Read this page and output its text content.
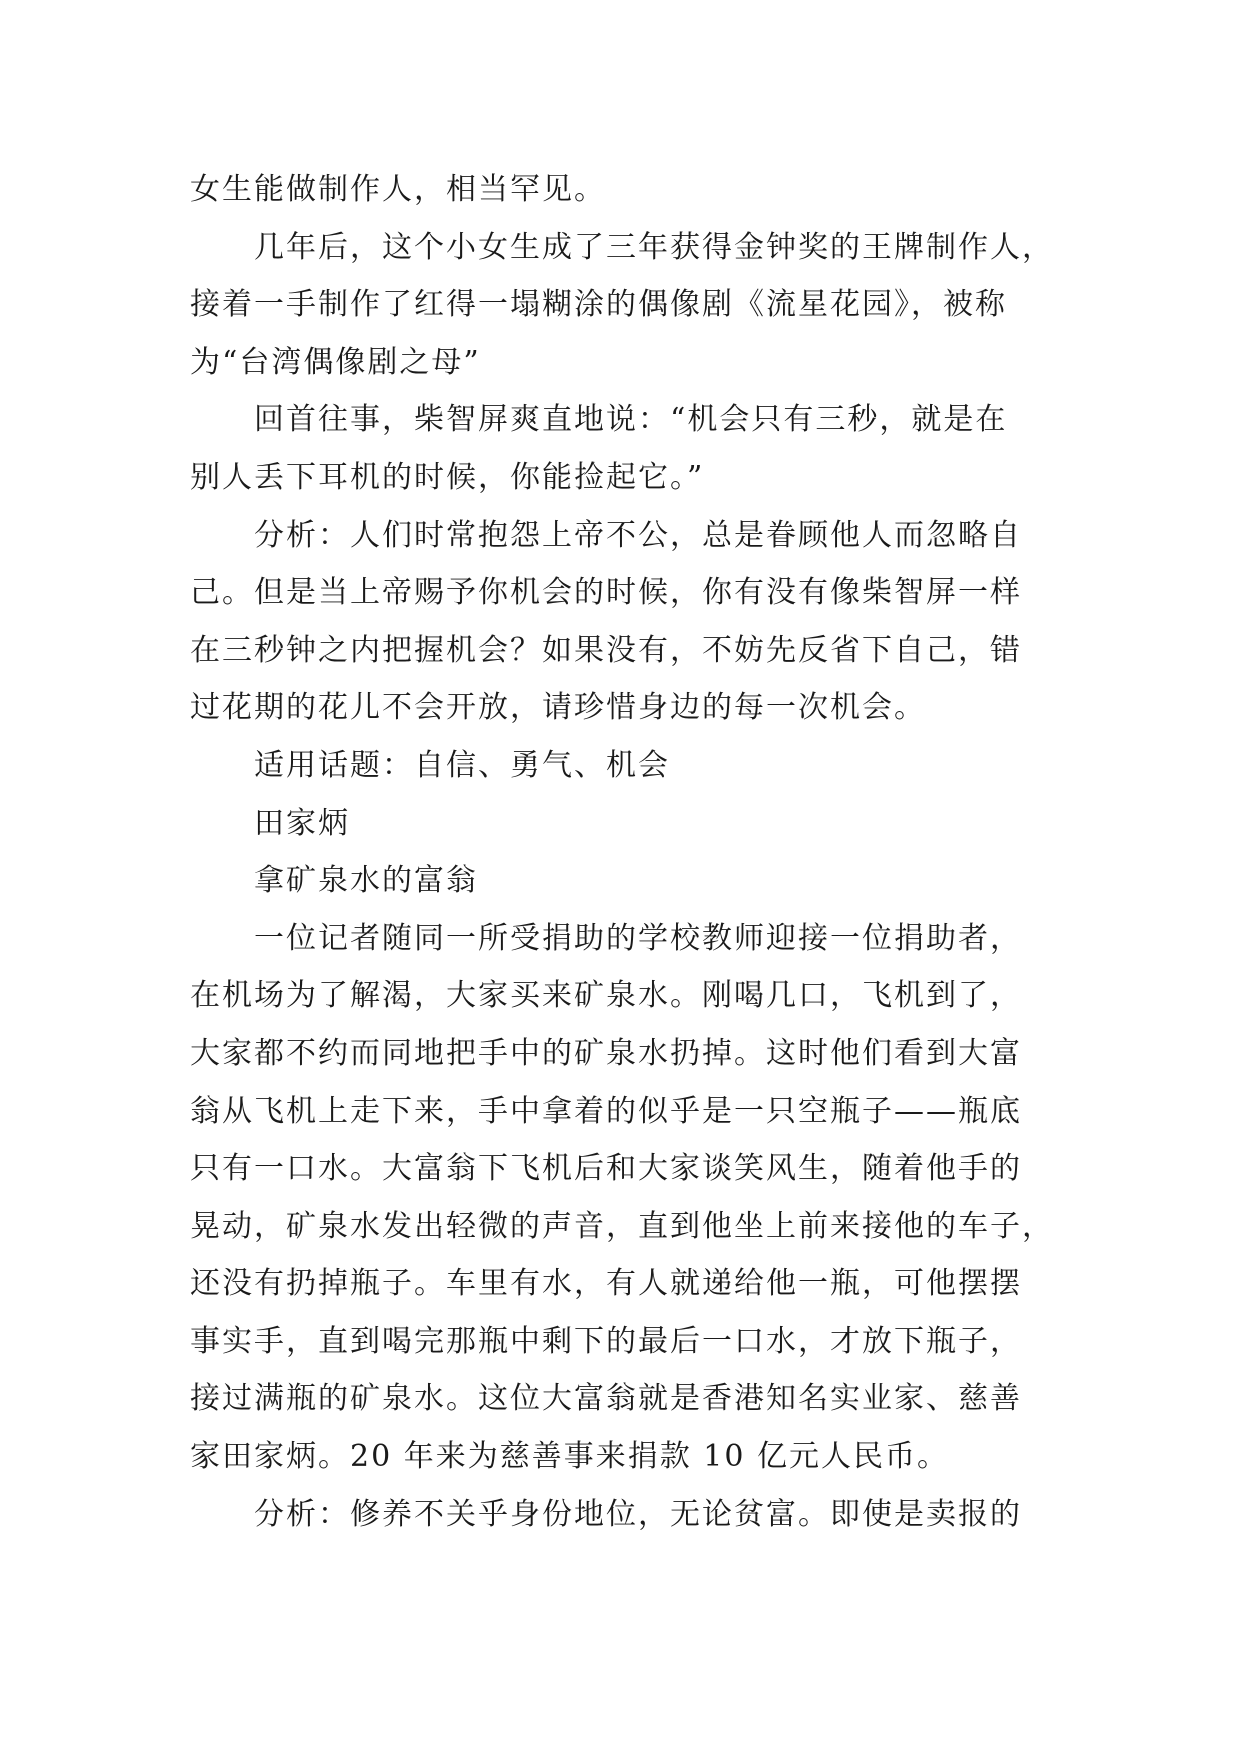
女生能做制作人，相当罕见。
几年后，这个小女生成了三年获得金钟奖的王牌制作人，
接着一手制作了红得一塌糊涂的偶像剧《流星花园》，被称
为“台湾偶像剧之母”
回首往事，柴智屏爽直地说：“机会只有三秒，就是在
别人丢下耳机的时候，你能捡起它。”
分析：人们时常抱怨上帝不公，总是眷顾他人而忽略自
己。但是当上帝赐予你机会的时候，你有没有像柴智屏一样
在三秒钟之内把握机会？如果没有，不妨先反省下自己，错
过花期的花儿不会开放，请珍惜身边的每一次机会。
适用话题：自信、勇气、机会
田家炳
拿矿泉水的富翁
一位记者随同一所受捐助的学校教师迎接一位捐助者，
在机场为了解渴，大家买来矿泉水。刚喝几口，飞机到了，
大家都不约而同地把手中的矿泉水扔掉。这时他们看到大富
翁从飞机上走下来，手中拿着的似乎是一只空瓶子——瓶底
只有一口水。大富翁下飞机后和大家谈笑风生，随着他手的
晃动，矿泉水发出轻微的声音，直到他坐上前来接他的车子，
还没有扔掉瓶子。车里有水，有人就递给他一瓶，可他摆摆
事实手，直到喝完那瓶中剩下的最后一口水，才放下瓶子，
接过满瓶的矿泉水。这位大富翁就是香港知名实业家、慈善
家田家炳。20 年来为慈善事来捐款 10 亿元人民币。
分析：修养不关乎身份地位，无论贫富。即使是卖报的
